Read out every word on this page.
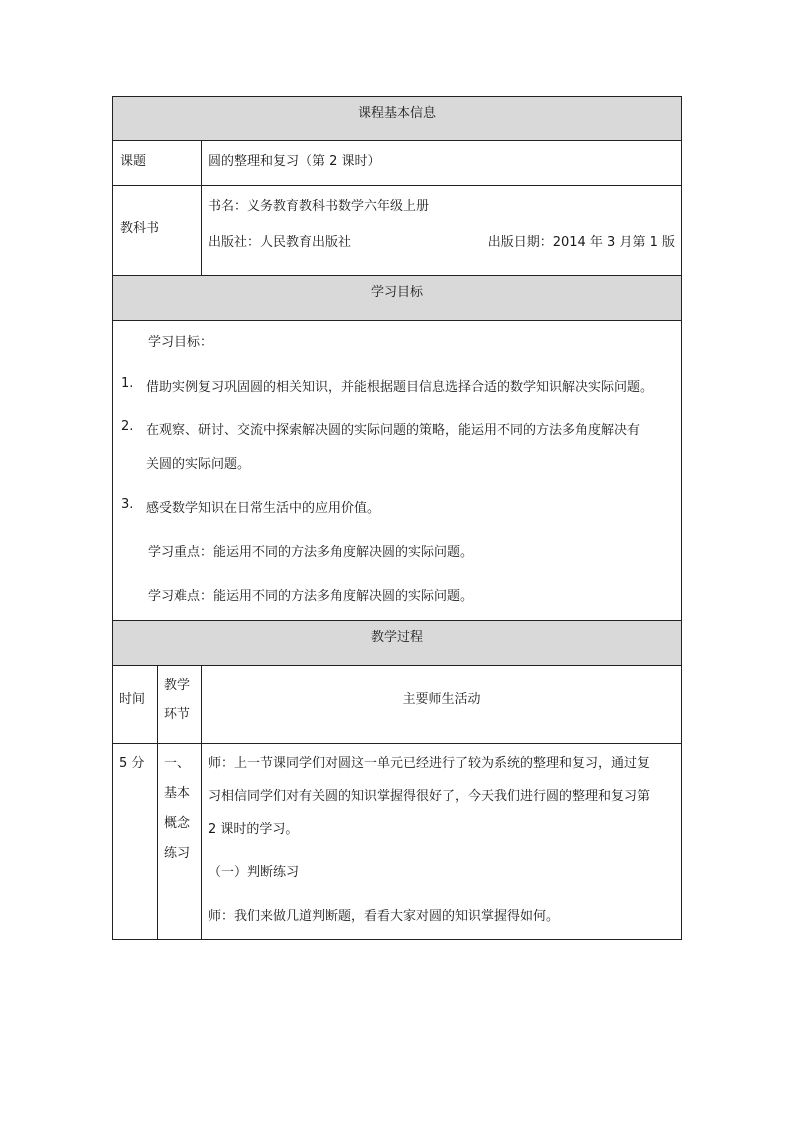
课程基本信息
课题	圆的整理和复习（第 2 课时）
教科书
书名：义务教育教科书数学六年级上册
出版社：人民教育出版社	出版日期：2014 年 3 月第 1 版
学习目标
学习目标：
1. 借助实例复习巩固圆的相关知识，并能根据题目信息选择合适的数学知识解决实际问题。
2. 在观察、研讨、交流中探索解决圆的实际问题的策略，能运用不同的方法多角度解决有
关圆的实际问题。
3. 感受数学知识在日常生活中的应用价值。
学习重点：能运用不同的方法多角度解决圆的实际问题。
学习难点：能运用不同的方法多角度解决圆的实际问题。
教学过程
时间
教学
环节
主要师生活动
5 分 一、
基本
概念
练习
师：上一节课同学们对圆这一单元已经进行了较为系统的整理和复习，通过复
习相信同学们对有关圆的知识掌握得很好了，今天我们进行圆的整理和复习第
2 课时的学习。
（一）判断练习
师：我们来做几道判断题，看看大家对圆的知识掌握得如何。
